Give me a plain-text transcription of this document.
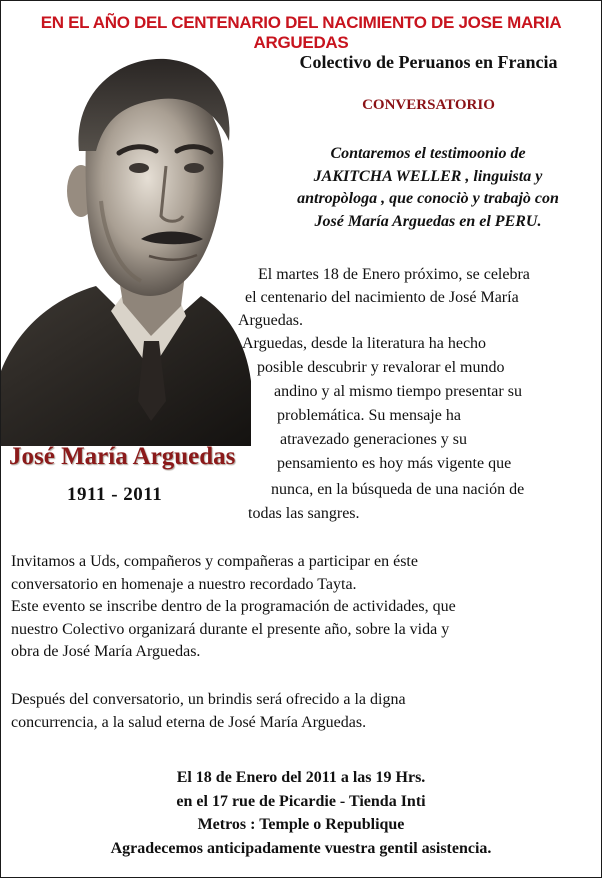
EN EL AÑO DEL CENTENARIO DEL NACIMIENTO DE JOSE MARIA ARGUEDAS
Colectivo de Peruanos en Francia
CONVERSATORIO
Contaremos el testimoonio de
JAKITCHA WELLER , linguista y
antropòloga , que conociò y trabajò con
José María Arguedas en el PERU.
El martes 18 de Enero próximo, se celebra
el centenario del nacimiento de José María
Arguedas.
Arguedas, desde la literatura ha hecho
posible descubrir y revalorar el mundo
andino y al mismo tiempo presentar su
problemática. Su mensaje ha
atravezado generaciones y su
pensamiento es hoy más vigente que
nunca, en la búsqueda de una nación de
todas las sangres.
José María Arguedas
1911 - 2011
Invitamos a Uds, compañeros y compañeras a participar en éste
conversatorio en homenaje a nuestro recordado Tayta.
Este evento se inscribe dentro de la programación de actividades, que
nuestro Colectivo organizará durante el presente año, sobre la vida y
obra de José María Arguedas.
Después del conversatorio, un brindis será ofrecido a la digna
concurrencia, a la salud eterna de José María Arguedas.
El 18 de Enero del 2011 a las 19 Hrs.
en el 17 rue de Picardie - Tienda Inti
Metros : Temple o Republique
Agradecemos anticipadamente vuestra gentil asistencia.
